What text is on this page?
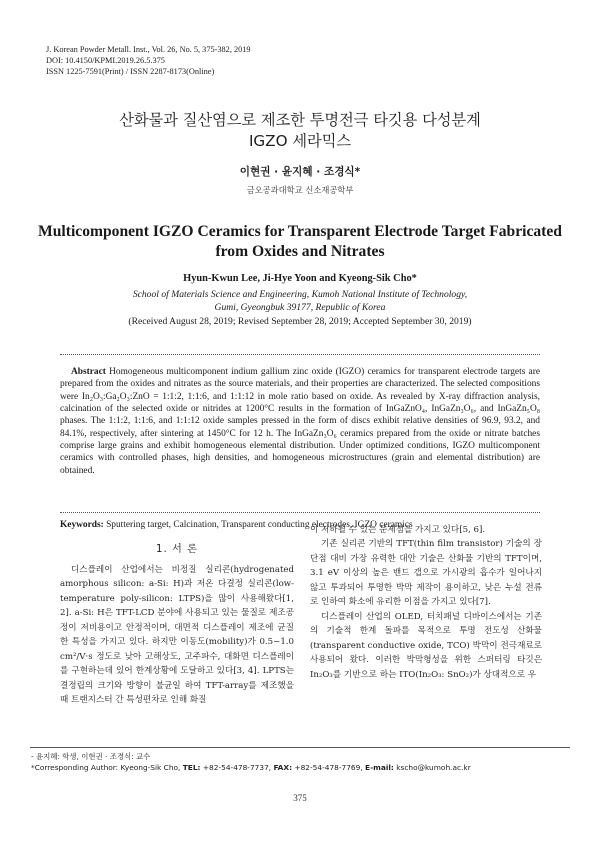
J. Korean Powder Metall. Inst., Vol. 26, No. 5, 375-382, 2019
DOI: 10.4150/KPMI.2019.26.5.375
ISSN 1225-7591(Print) / ISSN 2287-8173(Online)
산화물과 질산염으로 제조한 투명전극 타깃용 다성분계
IGZO 세라믹스
이현권 · 윤지혜 · 조경식*
금오공과대학교 신소재공학부
Multicomponent IGZO Ceramics for Transparent Electrode Target Fabricated
from Oxides and Nitrates
Hyun-Kwun Lee, Ji-Hye Yoon and Kyeong-Sik Cho*
School of Materials Science and Engineering, Kumoh National Institute of Technology,
Gumi, Gyeongbuk 39177, Republic of Korea
(Received August 28, 2019; Revised September 28, 2019; Accepted September 30, 2019)
Abstract Homogeneous multicomponent indium gallium zinc oxide (IGZO) ceramics for transparent electrode targets are prepared from the oxides and nitrates as the source materials, and their properties are characterized. The selected compositions were In₂O₃:Ga₂O₃:ZnO = 1:1:2, 1:1:6, and 1:1:12 in mole ratio based on oxide. As revealed by X-ray diffraction analysis, calcination of the selected oxide or nitrides at 1200°C results in the formation of InGaZnO₄, InGaZn₃O₆, and InGaZn₅O₈ phases. The 1:1:2, 1:1:6, and 1:1:12 oxide samples pressed in the form of discs exhibit relative densities of 96.9, 93.2, and 84.1%, respectively, after sintering at 1450°C for 12 h. The InGaZn₃O₆ ceramics prepared from the oxide or nitrate batches comprise large grains and exhibit homogeneous elemental distribution. Under optimized conditions, IGZO multicomponent ceramics with controlled phases, high densities, and homogeneous microstructures (grain and elemental distribution) are obtained.
Keywords: Sputtering target, Calcination, Transparent conducting electrodes, IGZO ceramics
1. 서 론

디스플레이 산업에서는 비정질 실리콘(hydrogenated amorphous silicon: a-Si: H)과 저온 다결정 실리콘(low-temperature poly-silicon: LTPS)을 많이 사용해왔다[1, 2]. a-Si: H은 TFT-LCD 분야에 사용되고 있는 물질로 제조공정이 저비용이고 안정적이며, 대면적 디스플레이 제조에 균질한 특성을 가지고 있다. 하지만 이동도(mobility)가 0.5~1.0 cm²/V·s 정도로 낮아 고해상도, 고주파수, 대화면 디스플레이를 구현하는데 있어 한계상황에 도달하고 있다[3, 4]. LPTS는 결정립의 크기와 방향이 불균일 하여 TFT-array를 제조했을 때 트랜지스터 간 특성편차로 인해 화질

이 저하될 수 있는 문제점을 가지고 있다[5, 6].

기존 실리콘 기반의 TFT(thin film transistor) 기술의 장단점 대비 가장 유력한 대안 기술은 산화물 기반의 TFT이며, 3.1 eV 이상의 높은 밴드 갭으로 가시광의 흡수가 일어나지 않고 투과되어 투명한 박막 제작이 용이하고, 낮은 누설 전류로 인하여 화소에 유리한 이점을 가지고 있다[7].

디스플레이 산업의 OLED, 터치패널 디바이스에서는 기존의 기술적 한계 돌파를 목적으로 투명 전도성 산화물(transparent conductive oxide, TCO) 박막이 전극재료로 사용되어 왔다. 이러한 박막형성을 위한 스퍼터링 타깃은 In₂O₃를 기반으로 하는 ITO(In₂O₃: SnO₂)가 상대적으로 우

- 윤지혜: 학생, 이현권 · 조경식: 교수
*Corresponding Author: Kyeong-Sik Cho, TEL: +82-54-478-7737, FAX: +82-54-478-7769, E-mail: kscho@kumoh.ac.kr
375
